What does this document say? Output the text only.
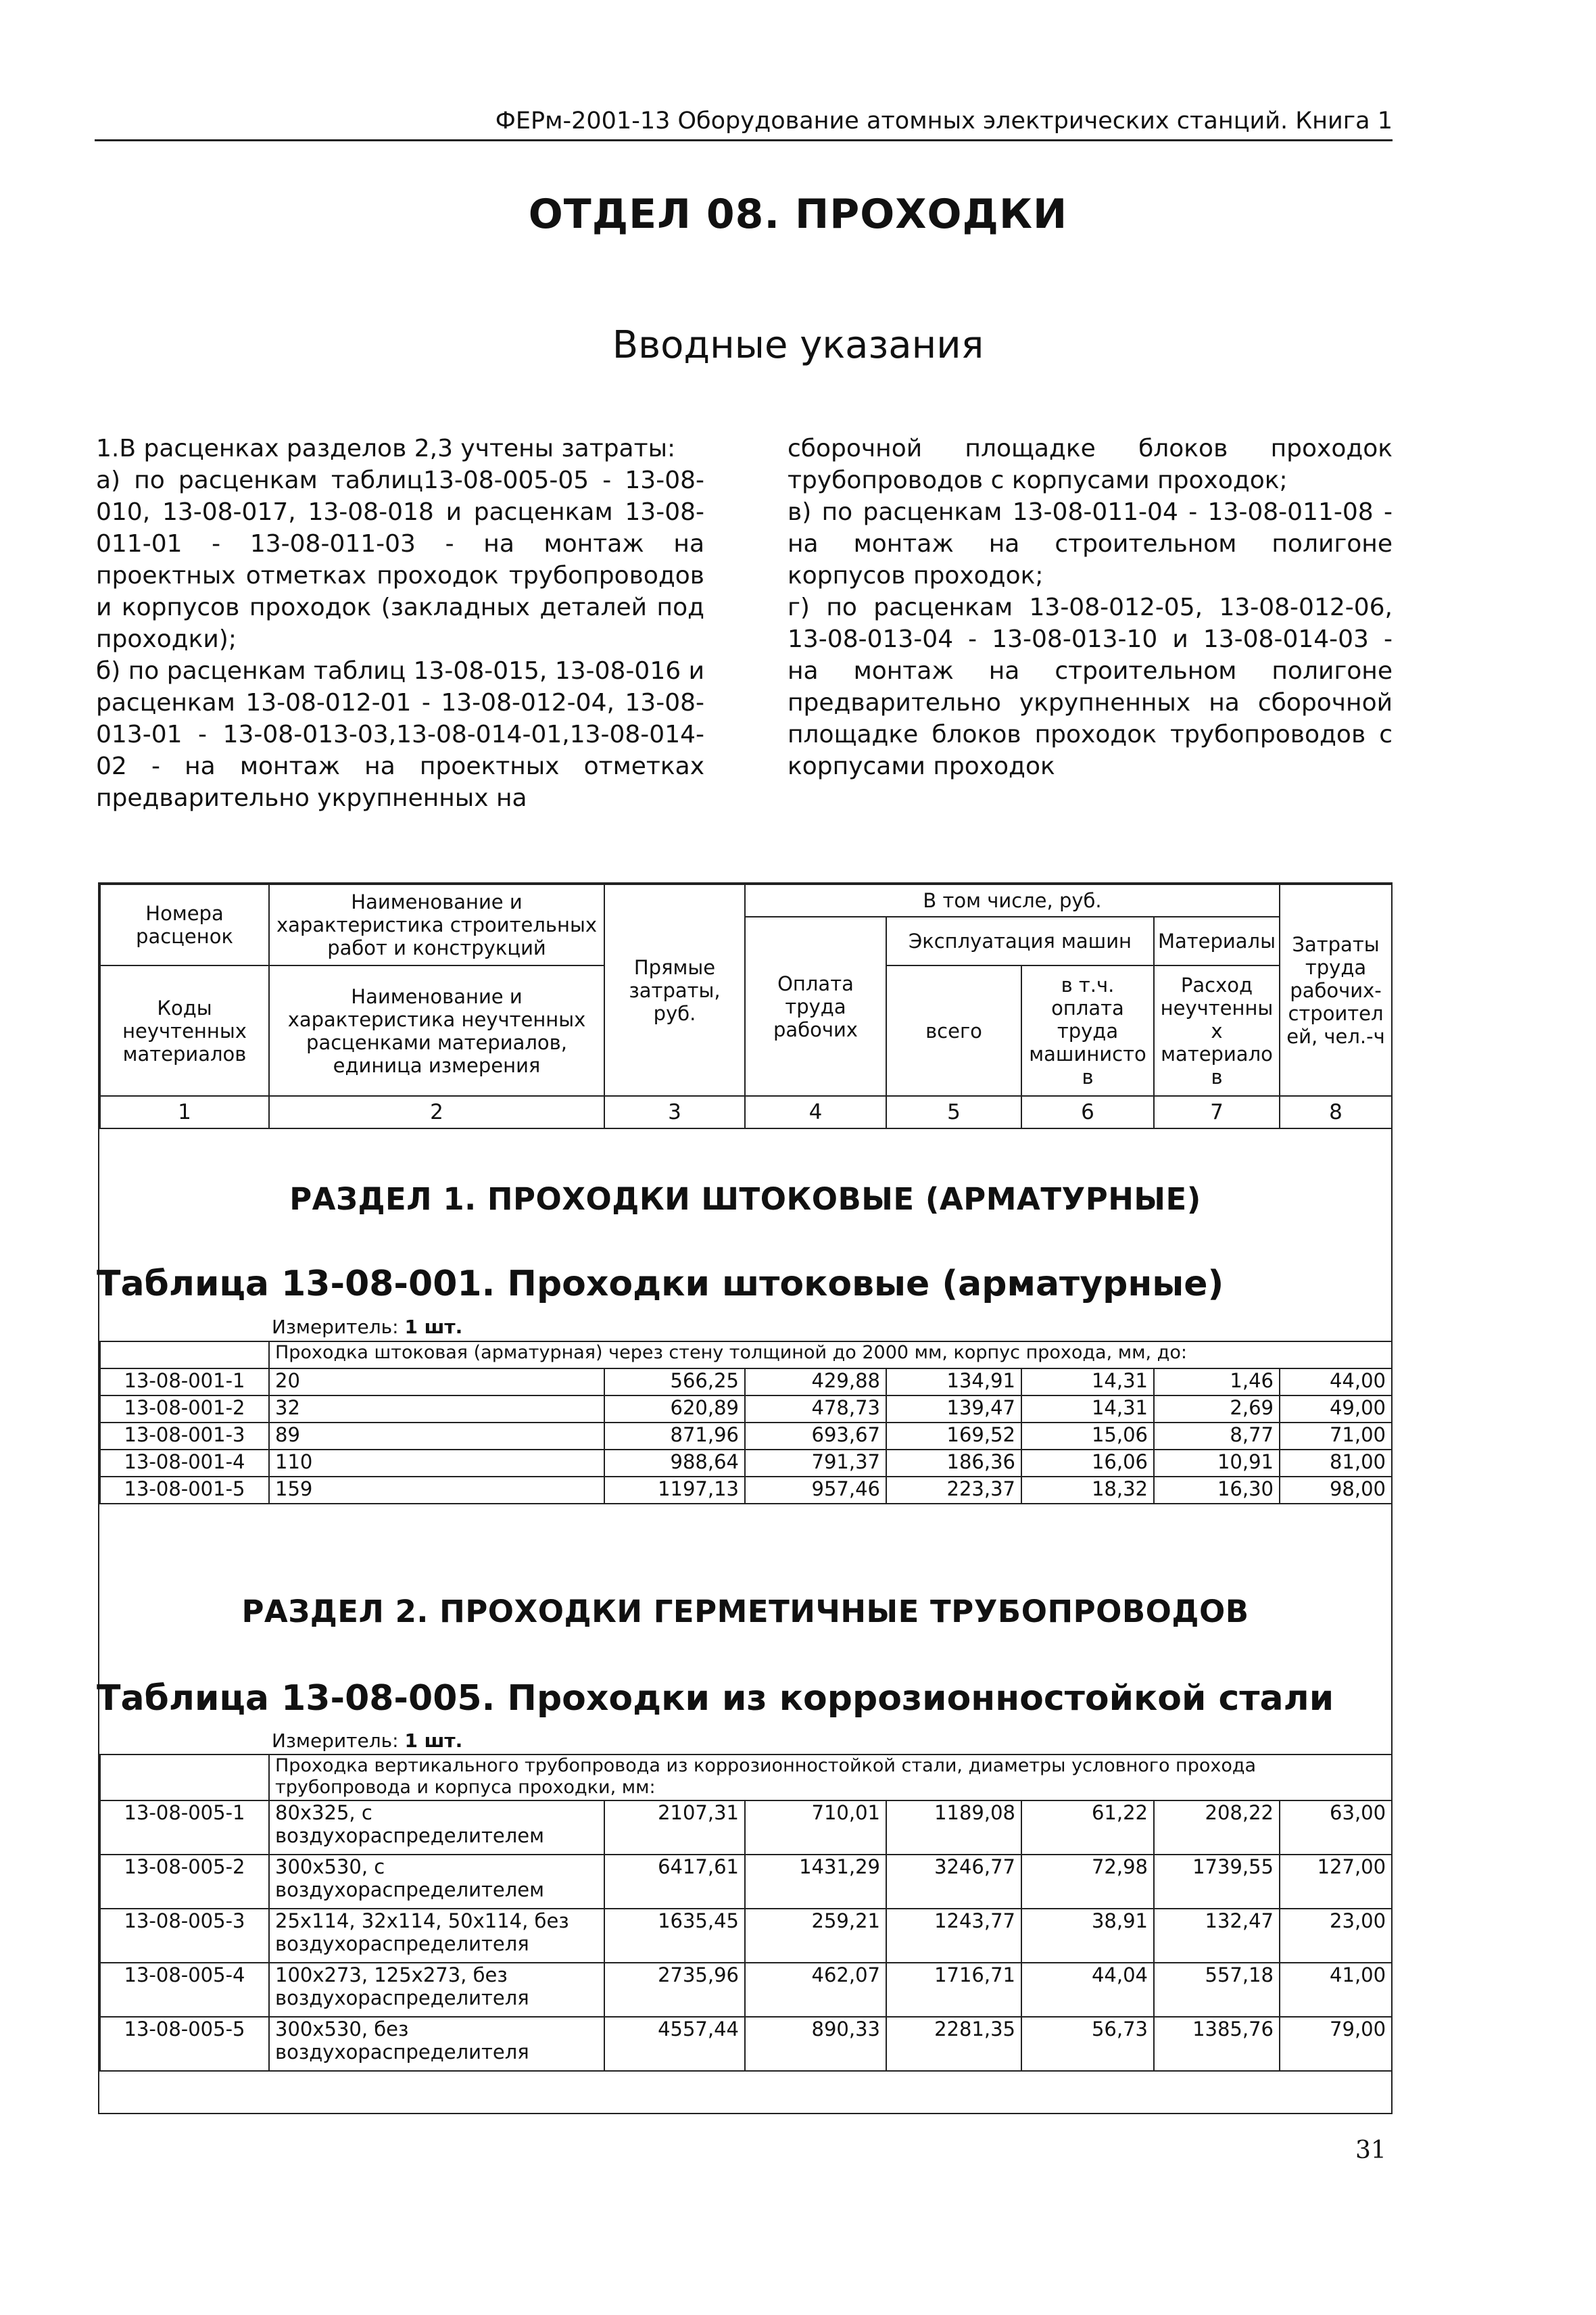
ФЕРм-2001-13 Оборудование атомных электрических станций. Книга 1
ОТДЕЛ 08. ПРОХОДКИ
Вводные указания

1.В расценках разделов 2,3 учтены затраты:

а) по расценкам таблиц13-08-005-05 - 13-08-010, 13-08-017, 13-08-018 и расценкам 13-08-011-01 - 13-08-011-03 - на монтаж на проектных отметках проходок трубопроводов и корпусов проходок (закладных деталей под проходки);

б) по расценкам таблиц 13-08-015, 13-08-016 и расценкам 13-08-012-01 - 13-08-012-04, 13-08-013-01 - 13-08-013-03,13-08-014-01,13-08-014-02 - на монтаж на проектных отметках предварительно укрупненных на

сборочной площадке блоков проходок трубопроводов с корпусами проходок;

в) по расценкам 13-08-011-04 - 13-08-011-08 - на монтаж на строительном полигоне корпусов проходок;

г) по расценкам 13-08-012-05, 13-08-012-06, 13-08-013-04 - 13-08-013-10 и 13-08-014-03 - на монтаж на строительном полигоне предварительно укрупненных на сборочной площадке блоков проходок трубопроводов с корпусами проходок

Номера расценок	Наименование и характеристика строительных работ и конструкций	Прямые затраты, руб.	В том числе, руб.				Затраты труда рабочих-строител ей, чел.-ч
			Оплата труда рабочих	Эксплуатация машин		Материалы	
Коды неучтенных материалов	Наименование и характеристика неучтенных расценками материалов, единица измерения			всего	в т.ч. оплата труда машинисто в	Расход неучтенны х материало в	

1	2	3	4	5	6	7	8
РАЗДЕЛ 1. ПРОХОДКИ ШТОКОВЫЕ (АРМАТУРНЫЕ)
Таблица 13-08-001. Проходки штоковые (арматурные)
Измеритель: 1 шт.
	Проходка штоковая (арматурная) через стену толщиной до 2000 мм, корпус прохода, мм, до:						
13-08-001-1	20	566,25	429,88	134,91	14,31	1,46	44,00
13-08-001-2	32	620,89	478,73	139,47	14,31	2,69	49,00
13-08-001-3	89	871,96	693,67	169,52	15,06	8,77	71,00
13-08-001-4	110	988,64	791,37	186,36	16,06	10,91	81,00
13-08-001-5	159	1197,13	957,46	223,37	18,32	16,30	98,00
РАЗДЕЛ 2. ПРОХОДКИ ГЕРМЕТИЧНЫЕ ТРУБОПРОВОДОВ
Таблица 13-08-005. Проходки из коррозионностойкой стали
Измеритель: 1 шт.
	Проходка вертикального трубопровода из коррозионностойкой стали, диаметры условного прохода трубопровода и корпуса проходки, мм:						
13-08-005-1	80x325, с воздухораспределителем	2107,31	710,01	1189,08	61,22	208,22	63,00
13-08-005-2	300x530, с воздухораспределителем	6417,61	1431,29	3246,77	72,98	1739,55	127,00
13-08-005-3	25x114, 32x114, 50x114, без воздухораспределителя	1635,45	259,21	1243,77	38,91	132,47	23,00
13-08-005-4	100x273, 125x273, без воздухораспределителя	2735,96	462,07	1716,71	44,04	557,18	41,00
13-08-005-5	300x530, без воздухораспределителя	4557,44	890,33	2281,35	56,73	1385,76	79,00
31
